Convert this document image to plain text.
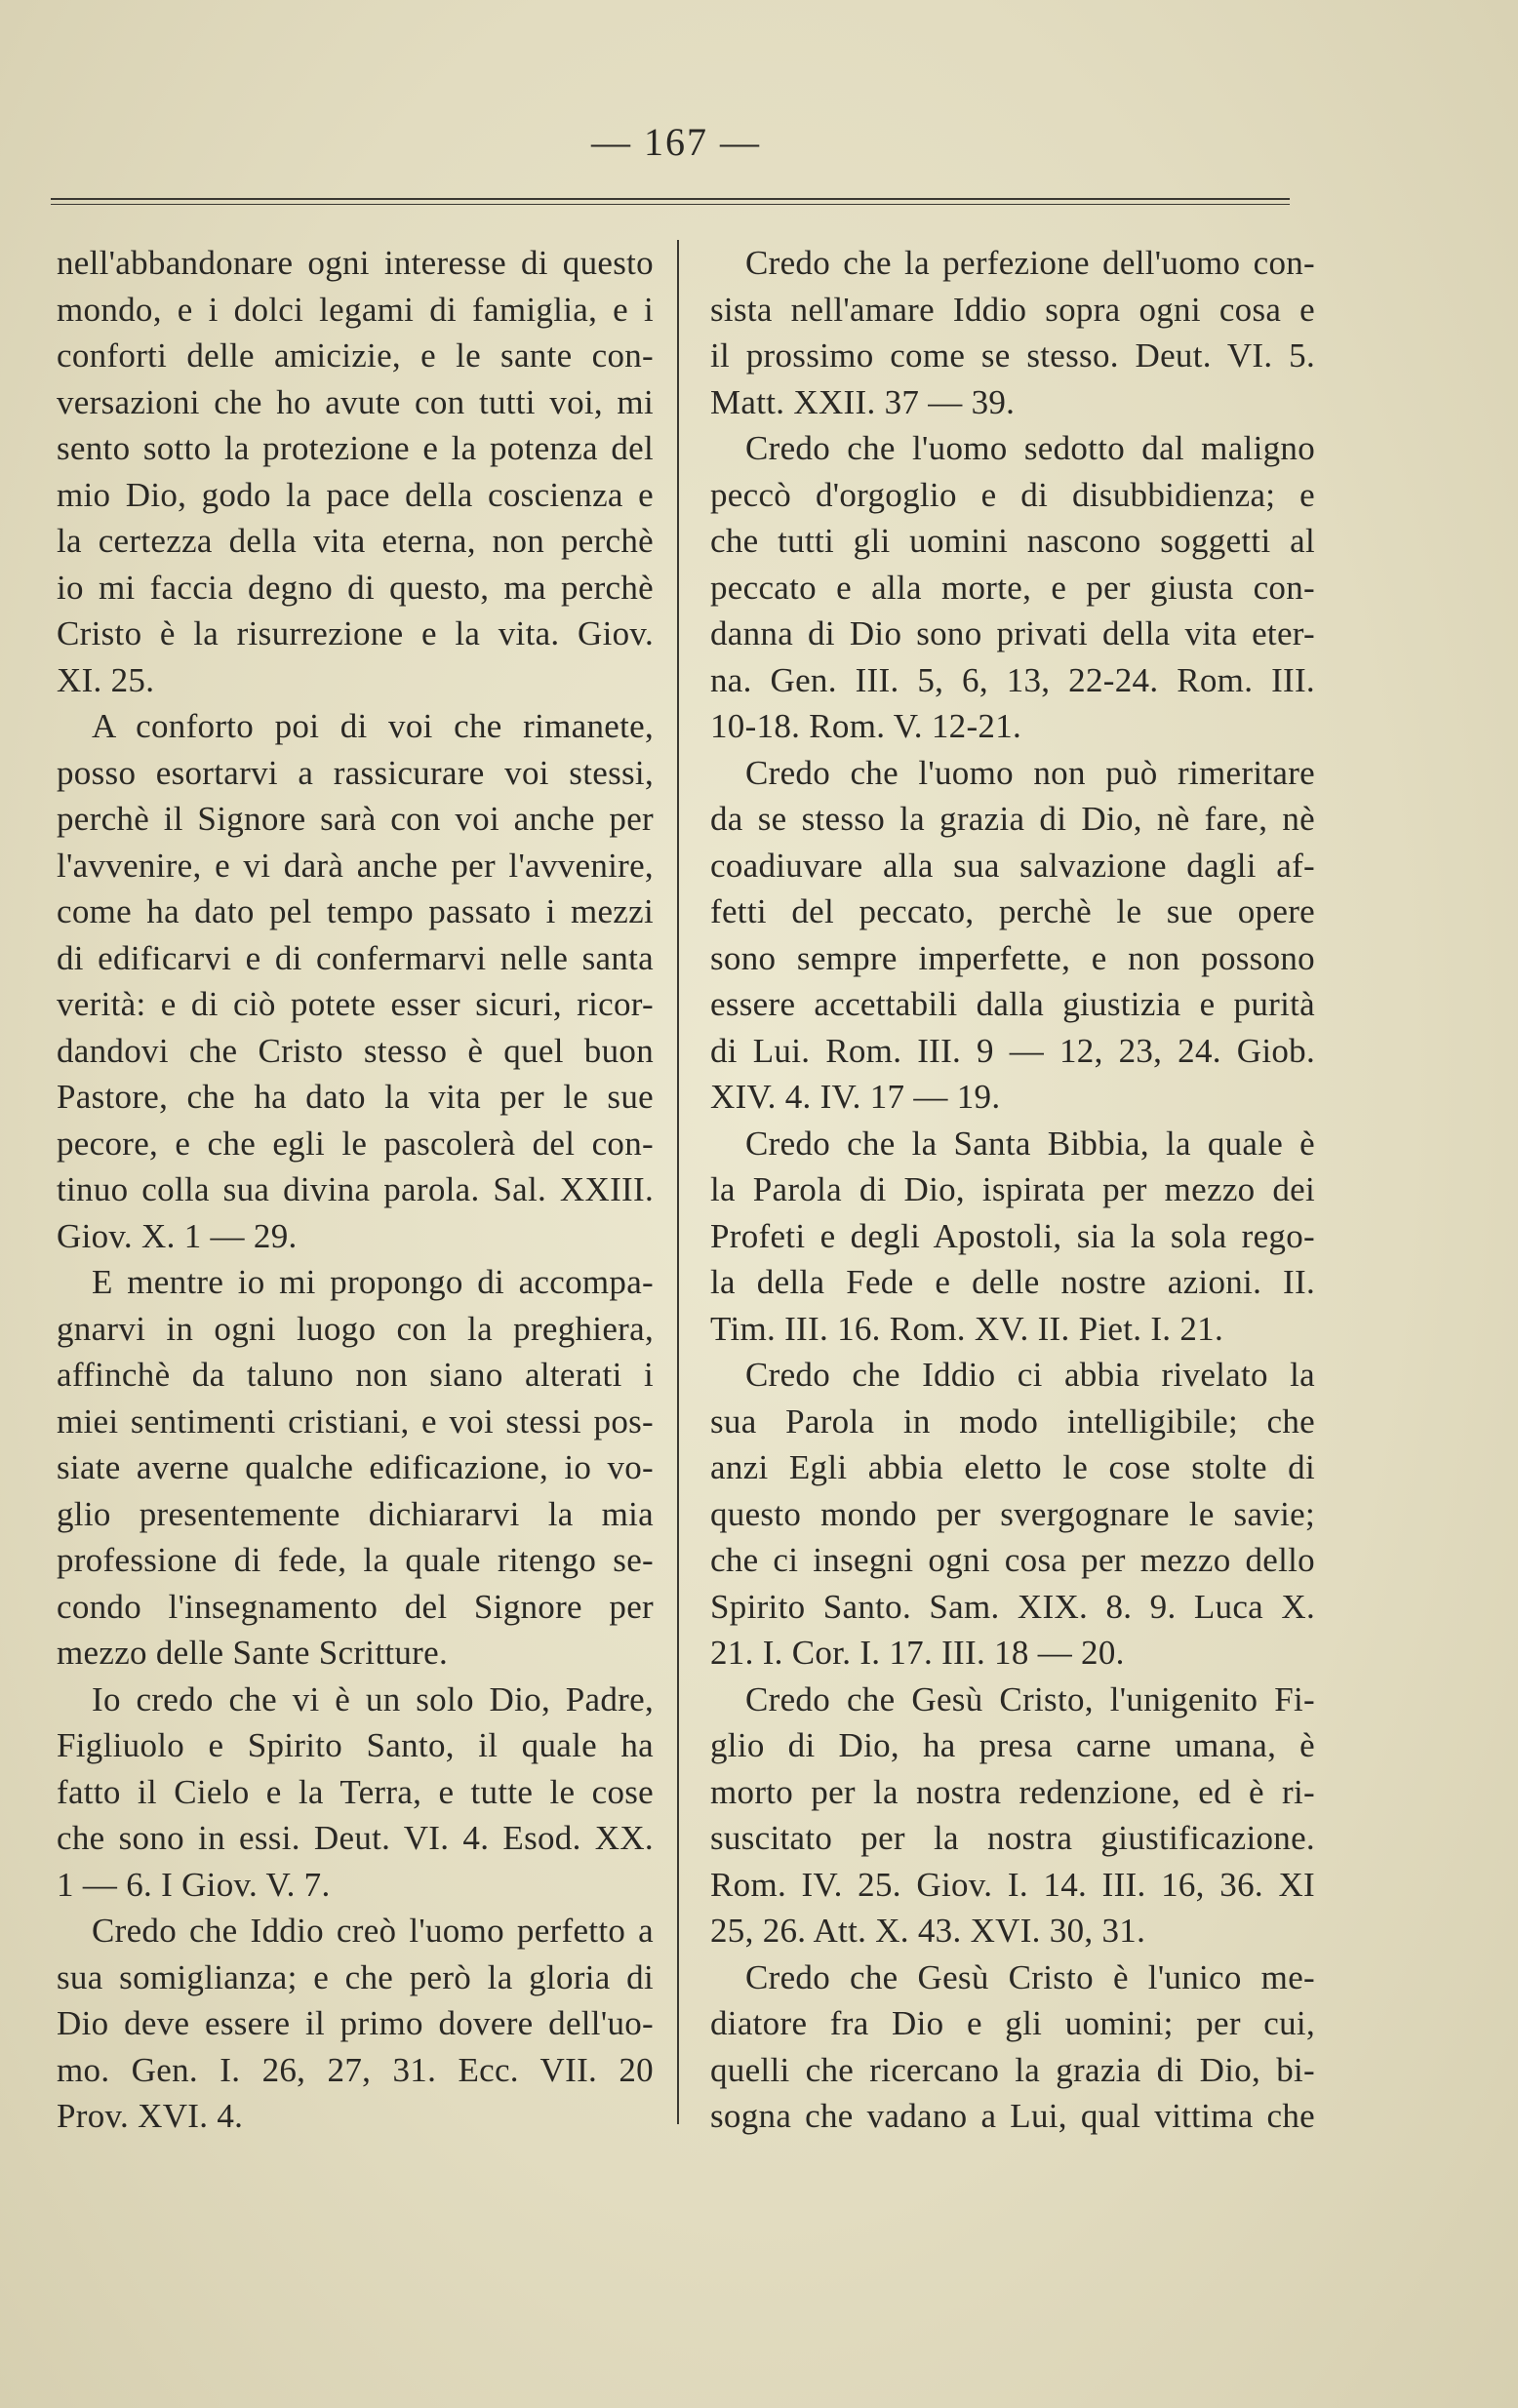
— 167 —
nell'abbandonare ogni interesse di questo
mondo, e i dolci legami di famiglia, e i
conforti delle amicizie, e le sante con-
versazioni che ho avute con tutti voi, mi
sento sotto la protezione e la potenza del
mio Dio, godo la pace della coscienza e
la certezza della vita eterna, non perchè
io mi faccia degno di questo, ma perchè
Cristo è la risurrezione e la vita. Giov.
XI. 25.
A conforto poi di voi che rimanete,
posso esortarvi a rassicurare voi stessi,
perchè il Signore sarà con voi anche per
l'avvenire, e vi darà anche per l'avvenire,
come ha dato pel tempo passato i mezzi
di edificarvi e di confermarvi nelle santa
verità: e di ciò potete esser sicuri, ricor-
dandovi che Cristo stesso è quel buon
Pastore, che ha dato la vita per le sue
pecore, e che egli le pascolerà del con-
tinuo colla sua divina parola. Sal. XXIII.
Giov. X. 1 — 29.
E mentre io mi propongo di accompa-
gnarvi in ogni luogo con la preghiera,
affinchè da taluno non siano alterati i
miei sentimenti cristiani, e voi stessi pos-
siate averne qualche edificazione, io vo-
glio presentemente dichiararvi la mia
professione di fede, la quale ritengo se-
condo l'insegnamento del Signore per
mezzo delle Sante Scritture.
Io credo che vi è un solo Dio, Padre,
Figliuolo e Spirito Santo, il quale ha
fatto il Cielo e la Terra, e tutte le cose
che sono in essi. Deut. VI. 4. Esod. XX.
1 — 6. I Giov. V. 7.
Credo che Iddio creò l'uomo perfetto a
sua somiglianza; e che però la gloria di
Dio deve essere il primo dovere dell'uo-
mo. Gen. I. 26, 27, 31. Ecc. VII. 20
Prov. XVI. 4.
Credo che la perfezione dell'uomo con-
sista nell'amare Iddio sopra ogni cosa e
il prossimo come se stesso. Deut. VI. 5.
Matt. XXII. 37 — 39.
Credo che l'uomo sedotto dal maligno
peccò d'orgoglio e di disubbidienza; e
che tutti gli uomini nascono soggetti al
peccato e alla morte, e per giusta con-
danna di Dio sono privati della vita eter-
na. Gen. III. 5, 6, 13, 22-24. Rom. III.
10-18. Rom. V. 12-21.
Credo che l'uomo non può rimeritare
da se stesso la grazia di Dio, nè fare, nè
coadiuvare alla sua salvazione dagli af-
fetti del peccato, perchè le sue opere
sono sempre imperfette, e non possono
essere accettabili dalla giustizia e purità
di Lui. Rom. III. 9 — 12, 23, 24. Giob.
XIV. 4. IV. 17 — 19.
Credo che la Santa Bibbia, la quale è
la Parola di Dio, ispirata per mezzo dei
Profeti e degli Apostoli, sia la sola rego-
la della Fede e delle nostre azioni. II.
Tim. III. 16. Rom. XV. II. Piet. I. 21.
Credo che Iddio ci abbia rivelato la
sua Parola in modo intelligibile; che
anzi Egli abbia eletto le cose stolte di
questo mondo per svergognare le savie;
che ci insegni ogni cosa per mezzo dello
Spirito Santo. Sam. XIX. 8. 9. Luca X.
21. I. Cor. I. 17. III. 18 — 20.
Credo che Gesù Cristo, l'unigenito Fi-
glio di Dio, ha presa carne umana, è
morto per la nostra redenzione, ed è ri-
suscitato per la nostra giustificazione.
Rom. IV. 25. Giov. I. 14. III. 16, 36. XI
25, 26. Att. X. 43. XVI. 30, 31.
Credo che Gesù Cristo è l'unico me-
diatore fra Dio e gli uomini; per cui,
quelli che ricercano la grazia di Dio, bi-
sogna che vadano a Lui, qual vittima che
